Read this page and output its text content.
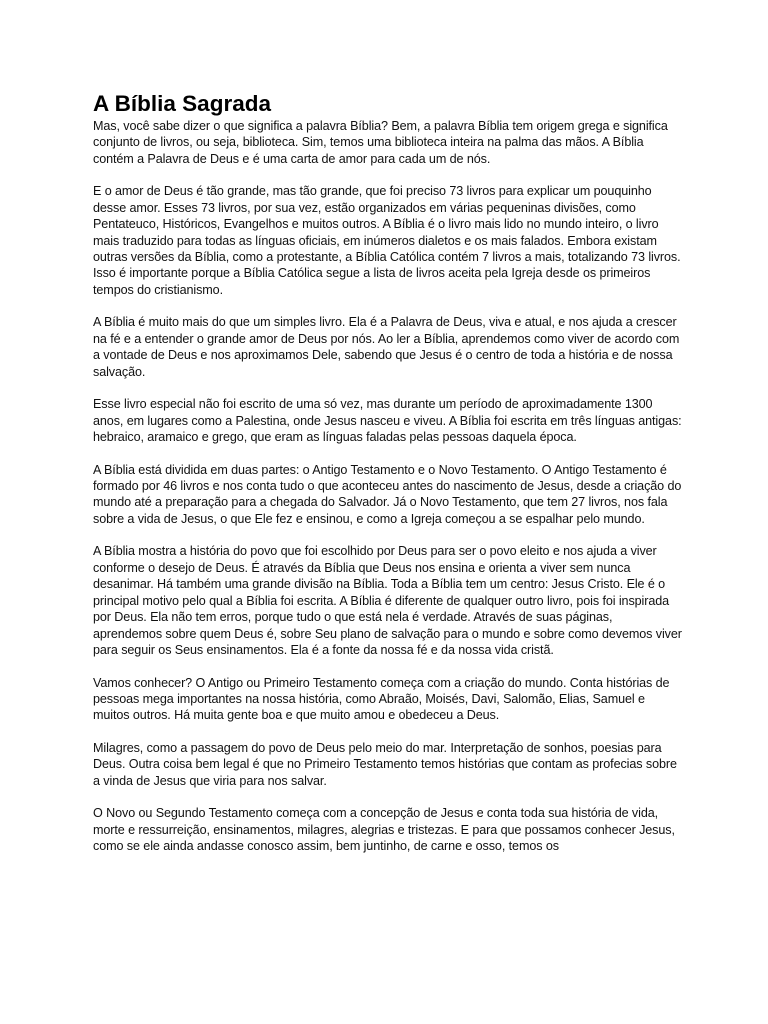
A Bíblia Sagrada

Mas, você sabe dizer o que significa a palavra Bíblia? Bem, a palavra Bíblia tem origem grega e significa conjunto de livros, ou seja, biblioteca. Sim, temos uma biblioteca inteira na palma das mãos. A Bíblia contém a Palavra de Deus e é uma carta de amor para cada um de nós.

E o amor de Deus é tão grande, mas tão grande, que foi preciso 73 livros para explicar um pouquinho desse amor. Esses 73 livros, por sua vez, estão organizados em várias pequeninas divisões, como Pentateuco, Históricos, Evangelhos e muitos outros. A Bíblia é o livro mais lido no mundo inteiro, o livro mais traduzido para todas as línguas oficiais, em inúmeros dialetos e os mais falados. Embora existam outras versões da Bíblia, como a protestante, a Bíblia Católica contém 7 livros a mais, totalizando 73 livros. Isso é importante porque a Bíblia Católica segue a lista de livros aceita pela Igreja desde os primeiros tempos do cristianismo.

A Bíblia é muito mais do que um simples livro. Ela é a Palavra de Deus, viva e atual, e nos ajuda a crescer na fé e a entender o grande amor de Deus por nós. Ao ler a Bíblia, aprendemos como viver de acordo com a vontade de Deus e nos aproximamos Dele, sabendo que Jesus é o centro de toda a história e de nossa salvação.

Esse livro especial não foi escrito de uma só vez, mas durante um período de aproximadamente 1300 anos, em lugares como a Palestina, onde Jesus nasceu e viveu. A Bíblia foi escrita em três línguas antigas: hebraico, aramaico e grego, que eram as línguas faladas pelas pessoas daquela época.

A Bíblia está dividida em duas partes: o Antigo Testamento e o Novo Testamento. O Antigo Testamento é formado por 46 livros e nos conta tudo o que aconteceu antes do nascimento de Jesus, desde a criação do mundo até a preparação para a chegada do Salvador. Já o Novo Testamento, que tem 27 livros, nos fala sobre a vida de Jesus, o que Ele fez e ensinou, e como a Igreja começou a se espalhar pelo mundo.

A Bíblia mostra a história do povo que foi escolhido por Deus para ser o povo eleito e nos ajuda a viver conforme o desejo de Deus. É através da Bíblia que Deus nos ensina e orienta a viver sem nunca desanimar. Há também uma grande divisão na Bíblia. Toda a Bíblia tem um centro: Jesus Cristo. Ele é o principal motivo pelo qual a Bíblia foi escrita. A Bíblia é diferente de qualquer outro livro, pois foi inspirada por Deus. Ela não tem erros, porque tudo o que está nela é verdade. Através de suas páginas, aprendemos sobre quem Deus é, sobre Seu plano de salvação para o mundo e sobre como devemos viver para seguir os Seus ensinamentos. Ela é a fonte da nossa fé e da nossa vida cristã.

Vamos conhecer? O Antigo ou Primeiro Testamento começa com a criação do mundo. Conta histórias de pessoas mega importantes na nossa história, como Abraão, Moisés, Davi, Salomão, Elias, Samuel e muitos outros. Há muita gente boa e que muito amou e obedeceu a Deus.

Milagres, como a passagem do povo de Deus pelo meio do mar. Interpretação de sonhos, poesias para Deus. Outra coisa bem legal é que no Primeiro Testamento temos histórias que contam as profecias sobre a vinda de Jesus que viria para nos salvar.

O Novo ou Segundo Testamento começa com a concepção de Jesus e conta toda sua história de vida, morte e ressurreição, ensinamentos, milagres, alegrias e tristezas. E para que possamos conhecer Jesus, como se ele ainda andasse conosco assim, bem juntinho, de carne e osso, temos os
